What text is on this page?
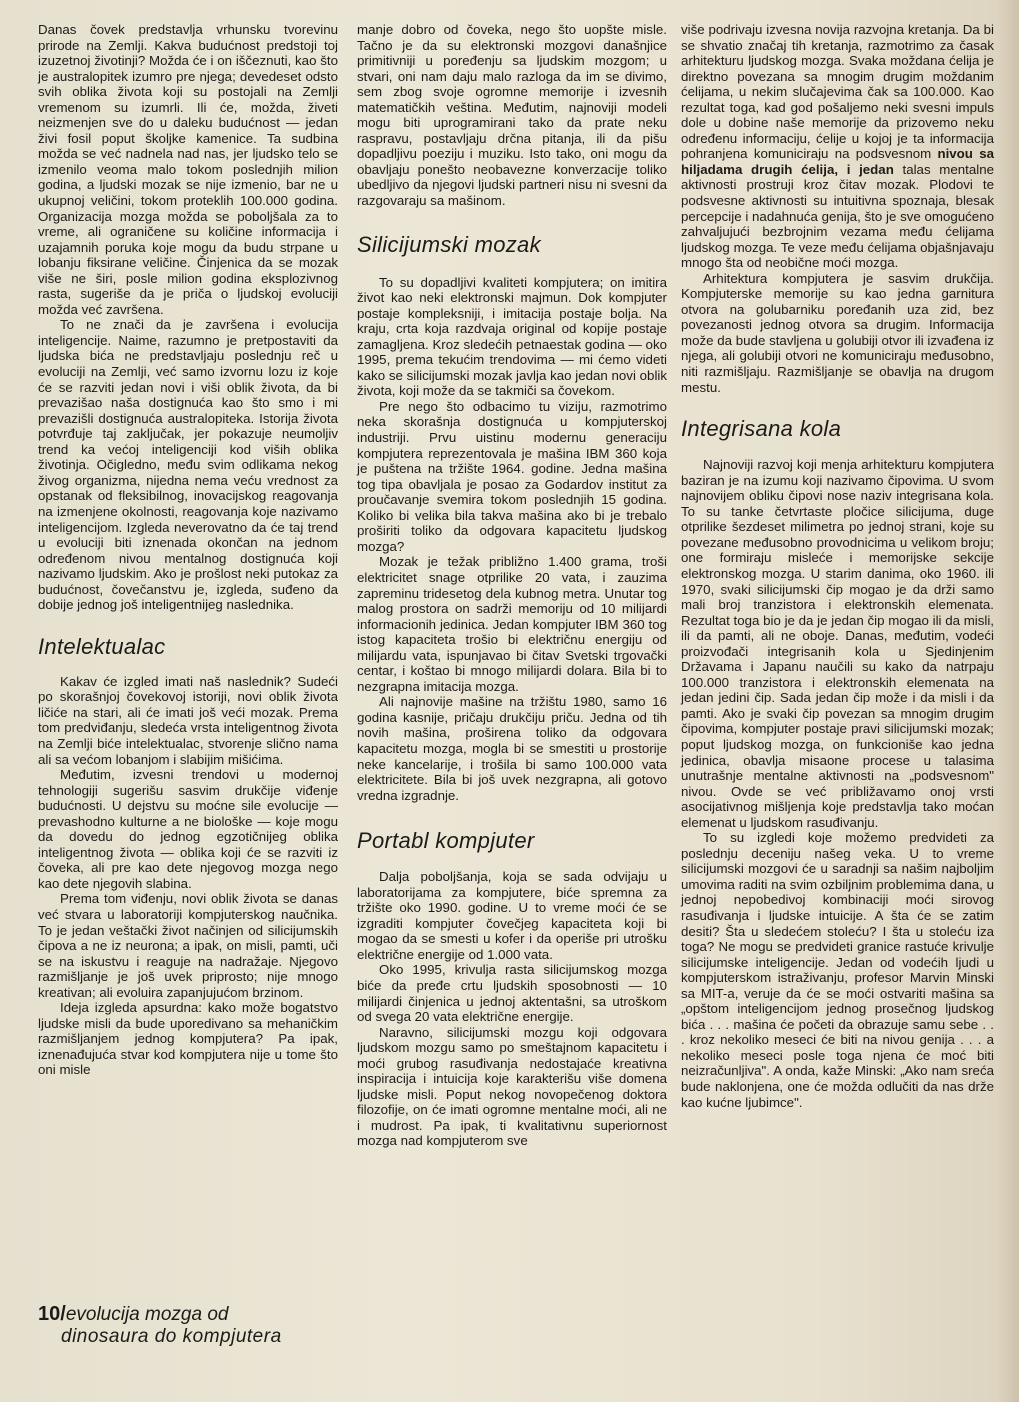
Danas čovek predstavlja vrhunsku tvorevinu prirode na Zemlji. Kakva budućnost predstoji toj izuzetnoj životinji? Možda će i on iščeznuti, kao što je australopitek izumro pre njega; devedeset odsto svih oblika života koji su postojali na Zemlji vremenom su izumrli. Ili će, možda, živeti neizmenjen sve do u daleku budućnost — jedan živi fosil poput školjke kamenice. Ta sudbina možda se već nadnela nad nas, jer ljudsko telo se izmenilo veoma malo tokom poslednjih milion godina, a ljudski mozak se nije izmenio, bar ne u ukupnoj veličini, tokom proteklih 100.000 godina. Organizacija mozga možda se poboljšala za to vreme, ali ograničene su količine informacija i uzajamnih poruka koje mogu da budu strpane u lobanju fiksirane veličine. Činjenica da se mozak više ne širi, posle milion godina eksplozivnog rasta, sugeriše da je priča o ljudskoj evoluciji možda već završena.

To ne znači da je završena i evolucija inteligencije. Naime, razumno je pretpostaviti da ljudska bića ne predstavljaju poslednju reč u evoluciji na Zemlji, već samo izvornu lozu iz koje će se razviti jedan novi i viši oblik života, da bi prevazišao naša dostignuća kao što smo i mi prevazišli dostignuća australopiteka. Istorija života potvrđuje taj zaključak, jer pokazuje neumoljiv trend ka većoj inteligenciji kod viših oblika životinja. Očigledno, među svim odlikama nekog živog organizma, nijedna nema veću vrednost za opstanak od fleksibilnog, inovacijskog reagovanja na izmenjene okolnosti, reagovanja koje nazivamo inteligencijom. Izgleda neverovatno da će taj trend u evoluciji biti iznenada okončan na jednom određenom nivou mentalnog dostignuća koji nazivamo ljudskim. Ako je prošlost neki putokaz za budućnost, čovečanstvu je, izgleda, suđeno da dobije jednog još inteligentnijeg naslednika.

Intelektualac

Kakav će izgled imati naš naslednik? Sudeći po skorašnjoj čovekovoj istoriji, novi oblik života ličiće na stari, ali će imati još veći mozak. Prema tom predviđanju, sledeća vrsta inteligentnog života na Zemlji biće intelektualac, stvorenje slično nama ali sa većom lobanjom i slabijim mišićima.

Međutim, izvesni trendovi u modernoj tehnologiji sugerišu sasvim drukčije viđenje budućnosti. U dejstvu su moćne sile evolucije — prevashodno kulturne a ne biološke — koje mogu da dovedu do jednog egzotičnijeg oblika inteligentnog života — oblika koji će se razviti iz čoveka, ali pre kao dete njegovog mozga nego kao dete njegovih slabina.

Prema tom viđenju, novi oblik života se danas već stvara u laboratoriji kompjuterskog naučnika. To je jedan veštački život načinjen od silicijumskih čipova a ne iz neurona; a ipak, on misli, pamti, uči se na iskustvu i reaguje na nadražaje. Njegovo razmišljanje je još uvek priprosto; nije mnogo kreativan; ali evoluira zapanjujućom brzinom.

Ideja izgleda apsurdna: kako može bogatstvo ljudske misli da bude uporedivano sa mehaničkim razmišljanjem jednog kompjutera? Pa ipak, iznenađujuća stvar kod kompjutera nije u tome što oni misle

manje dobro od čoveka, nego što uopšte misle. Tačno je da su elektronski mozgovi današnjice primitivniji u poređenju sa ljudskim mozgom; u stvari, oni nam daju malo razloga da im se divimo, sem zbog svoje ogromne memorije i izvesnih matematičkih veština. Međutim, najnoviji modeli mogu biti uprogramirani tako da prate neku raspravu, postavljaju drčna pitanja, ili da pišu dopadljivu poeziju i muziku. Isto tako, oni mogu da obavljaju ponešto neobavezne konverzacije toliko ubedljivo da njegovi ljudski partneri nisu ni svesni da razgovaraju sa mašinom.

Silicijumski mozak

To su dopadljivi kvaliteti kompjutera; on imitira život kao neki elektronski majmun. Dok kompjuter postaje kompleksniji, i imitacija postaje bolja. Na kraju, crta koja razdvaja original od kopije postaje zamagljena. Kroz sledećih petnaestak godina — oko 1995, prema tekućim trendovima — mi ćemo videti kako se silicijumski mozak javlja kao jedan novi oblik života, koji može da se takmiči sa čovekom.

Pre nego što odbacimo tu viziju, razmotrimo neka skorašnja dostignuća u kompjuterskoj industriji. Prvu uistinu modernu generaciju kompjutera reprezentovala je mašina IBM 360 koja je puštena na tržište 1964. godine. Jedna mašina tog tipa obavljala je posao za Godardov institut za proučavanje svemira tokom poslednjih 15 godina. Koliko bi velika bila takva mašina ako bi je trebalo proširiti toliko da odgovara kapacitetu ljudskog mozga?

Mozak je težak približno 1.400 grama, troši elektricitet snage otprilike 20 vata, i zauzima zapreminu tridesetog dela kubnog metra. Unutar tog malog prostora on sadrži memoriju od 10 milijardi informacionih jedinica. Jedan kompjuter IBM 360 tog istog kapaciteta trošio bi električnu energiju od milijardu vata, ispunjavao bi čitav Svetski trgovački centar, i koštao bi mnogo milijardi dolara. Bila bi to nezgrapna imitacija mozga.

Ali najnovije mašine na tržištu 1980, samo 16 godina kasnije, pričaju drukčiju priču. Jedna od tih novih mašina, proširena toliko da odgovara kapacitetu mozga, mogla bi se smestiti u prostorije neke kancelarije, i trošila bi samo 100.000 vata elektricitete. Bila bi još uvek nezgrapna, ali gotovo vredna izgradnje.

Portabl kompjuter

Dalja poboljšanja, koja se sada odvijaju u laboratorijama za kompjutere, biće spremna za tržište oko 1990. godine. U to vreme moći će se izgraditi kompjuter čovečjeg kapaciteta koji bi mogao da se smesti u kofer i da operiše pri utrošku električne energije od 1.000 vata.

Oko 1995, krivulja rasta silicijumskog mozga biće da pređe crtu ljudskih sposobnosti — 10 milijardi činjenica u jednoj aktentašni, sa utroškom od svega 20 vata električne energije.

Naravno, silicijumski mozgu koji odgovara ljudskom mozgu samo po smeštajnom kapacitetu i moći grubog rasuđivanja nedostajaće kreativna inspiracija i intuicija koje karakterišu više domena ljudske misli. Poput nekog novopečenog doktora filozofije, on će imati ogromne mentalne moći, ali ne i mudrost. Pa ipak, ti kvalitativnu superiornost mozga nad kompjuterom sve

više podrivaju izvesna novija razvojna kretanja. Da bi se shvatio značaj tih kretanja, razmotrimo za časak arhitekturu ljudskog mozga. Svaka moždana ćelija je direktno povezana sa mnogim drugim moždanim ćelijama, u nekim slučajevima čak sa 100.000. Kao rezultat toga, kad god pošaljemo neki svesni impuls dole u dobine naše memorije da prizovemo neku određenu informaciju, ćelije u kojoj je ta informacija pohranjena komuniciraju na podsvesnom nivou sa hiljadama drugih ćelija, i jedan talas mentalne aktivnosti prostruji kroz čitav mozak. Plodovi te podsvesne aktivnosti su intuitivna spoznaja, blesak percepcije i nadahnuća genija, što je sve omogućeno zahvaljujući bezbrojnim vezama među ćelijama ljudskog mozga. Te veze među ćelijama objašnjavaju mnogo šta od neobične moći mozga.

Arhitektura kompjutera je sasvim drukčija. Kompjuterske memorije su kao jedna garnitura otvora na golubarniku poređanih uza zid, bez povezanosti jednog otvora sa drugim. Informacija može da bude stavljena u golubiji otvor ili izvađena iz njega, ali golubiji otvori ne komuniciraju međusobno, niti razmišljaju. Razmišljanje se obavlja na drugom mestu.

Integrisana kola

Najnoviji razvoj koji menja arhitekturu kompjutera baziran je na izumu koji nazivamo čipovima. U svom najnovijem obliku čipovi nose naziv integrisana kola. To su tanke četvrtaste pločice silicijuma, duge otprilike šezdeset milimetra po jednoj strani, koje su povezane međusobno provodnicima u velikom broju; one formiraju mislеće i memorijske sekcije elektronskog mozga. U starim danima, oko 1960. ili 1970, svaki silicijumski čip mogao je da drži samo mali broj tranzistora i elektronskih elemenata. Rezultat toga bio je da je jedan čip mogao ili da misli, ili da pamti, ali ne oboje. Danas, međutim, vodeći proizvođači integrisanih kola u Sjedinjenim Državama i Japanu naučili su kako da natrpaju 100.000 tranzistora i elektronskih elemenata na jedan jedini čip. Sada jedan čip može i da misli i da pamti. Ako je svaki čip povezan sa mnogim drugim čipovima, kompjuter postaje pravi silicijumski mozak; poput ljudskog mozga, on funkcioniše kao jedna jedinica, obavlja misaone procese u talasima unutrašnje mentalne aktivnosti na „podsvesnom" nivou. Ovde se već približavamo onoj vrsti asocijativnog mišljenja koje predstavlja tako moćan elemenat u ljudskom rasuđivanju.

To su izgledi koje možemo predvideti za poslednju deceniju našeg veka. U to vreme silicijumski mozgovi će u saradnji sa našim najboljim umovima raditi na svim ozbiljnim problemima dana, u jednoj nepobedivoj kombinaciji moći sirovog rasuđivanja i ljudske intuicije. A šta će se zatim desiti? Šta u sledećem stoleću? I šta u stoleću iza toga? Ne mogu se predvideti granice rastuće krivulje silicijumske inteligencije. Jedan od vodećih ljudi u kompjuterskom istraživanju, profesor Marvin Minski sa MIT-a, veruje da će se moći ostvariti mašina sa „opštom inteligencijom jednog prosečnog ljudskog bića . . . mašina će početi da obrazuje samu sebe . . . kroz nekoliko meseci će biti na nivou genija . . . a nekoliko meseci posle toga njena će moć biti neizračunljiva". A onda, kaže Minski: „Ako nam sreća bude naklonjena, one će možda odlučiti da nas drže kao kućne ljubimce".

10/evolucija mozga od
dinosaura do kompjutera
